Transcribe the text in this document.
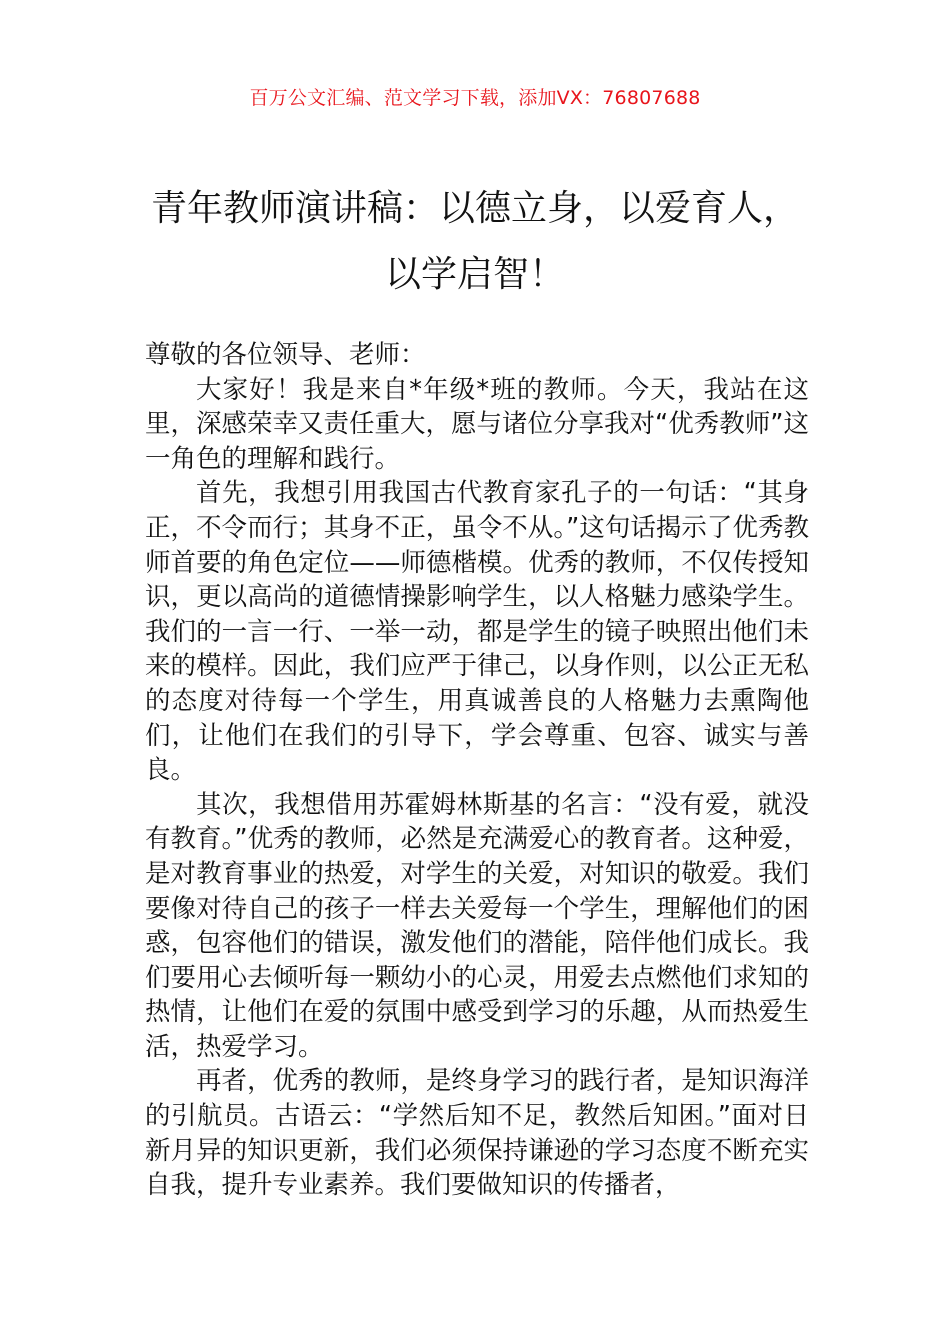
百万公文汇编、范文学习下载，添加VX：76807688
青年教师演讲稿：以德立身，以爱育人，
以学启智！

尊敬的各位领导、老师：

大家好！我是来自*年级*班的教师。今天，我站在这里，深感荣幸又责任重大，愿与诸位分享我对“优秀教师”这一角色的理解和践行。

首先，我想引用我国古代教育家孔子的一句话：“其身正，不令而行；其身不正，虽令不从。”这句话揭示了优秀教师首要的角色定位——师德楷模。优秀的教师，不仅传授知识，更以高尚的道德情操影响学生，以人格魅力感染学生。我们的一言一行、一举一动，都是学生的镜子映照出他们未来的模样。因此，我们应严于律己，以身作则，以公正无私的态度对待每一个学生，用真诚善良的人格魅力去熏陶他们，让他们在我们的引导下，学会尊重、包容、诚实与善良。

其次，我想借用苏霍姆林斯基的名言：“没有爱，就没有教育。”优秀的教师，必然是充满爱心的教育者。这种爱，是对教育事业的热爱，对学生的关爱，对知识的敬爱。我们要像对待自己的孩子一样去关爱每一个学生，理解他们的困惑，包容他们的错误，激发他们的潜能，陪伴他们成长。我们要用心去倾听每一颗幼小的心灵，用爱去点燃他们求知的热情，让他们在爱的氛围中感受到学习的乐趣，从而热爱生活，热爱学习。

再者，优秀的教师，是终身学习的践行者，是知识海洋的引航员。古语云：“学然后知不足，教然后知困。”面对日新月异的知识更新，我们必须保持谦逊的学习态度不断充实自我，提升专业素养。我们要做知识的传播者，
